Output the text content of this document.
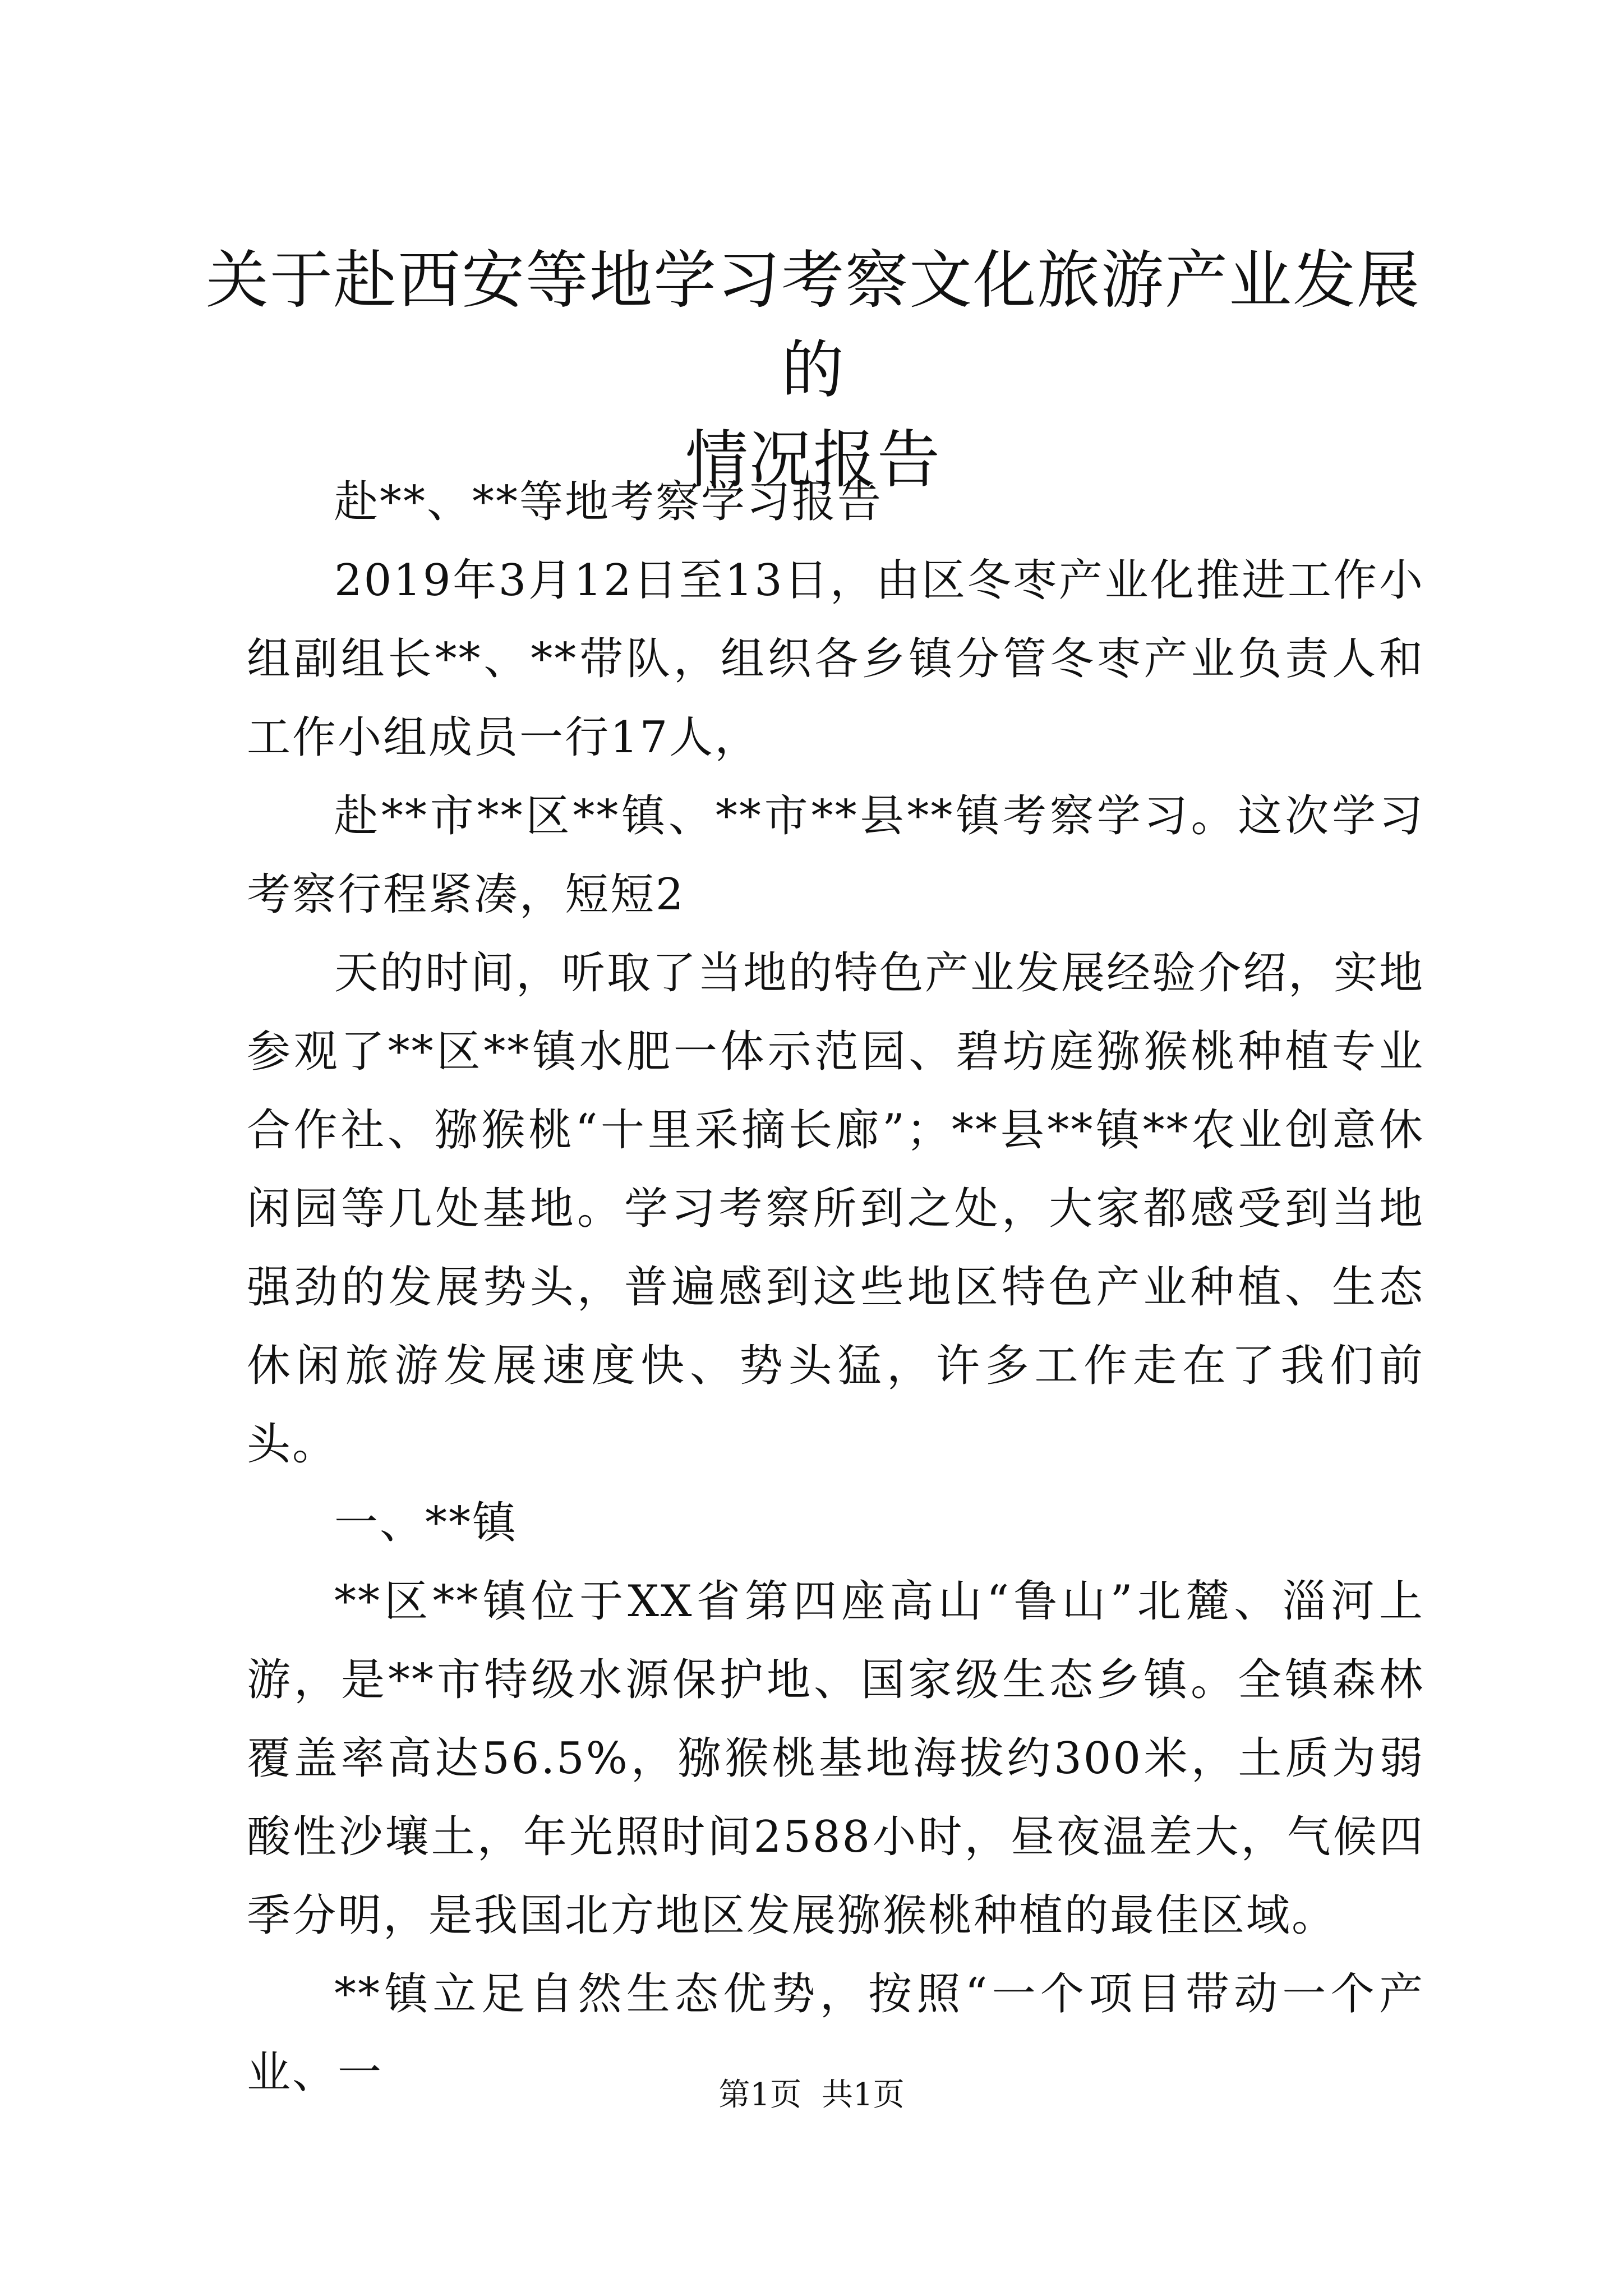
关于赴西安等地学习考察文化旅游产业发展的
情况报告

赴**、**等地考察学习报告

2019年3月12日至13日，由区冬枣产业化推进工作小组副组长**、**带队，组织各乡镇分管冬枣产业负责人和工作小组成员一行17人，

赴**市**区**镇、**市**县**镇考察学习。这次学习考察行程紧凑，短短2

天的时间，听取了当地的特色产业发展经验介绍，实地参观了**区**镇水肥一体示范园、碧坊庭猕猴桃种植专业合作社、猕猴桃“十里采摘长廊”；**县**镇**农业创意休闲园等几处基地。学习考察所到之处，大家都感受到当地强劲的发展势头，普遍感到这些地区特色产业种植、生态休闲旅游发展速度快、势头猛，许多工作走在了我们前头。

一、**镇

**区**镇位于XX省第四座高山“鲁山”北麓、淄河上游，是**市特级水源保护地、国家级生态乡镇。全镇森林覆盖率高达56.5%，猕猴桃基地海拔约300米，土质为弱酸性沙壤土，年光照时间2588小时，昼夜温差大，气候四季分明，是我国北方地区发展猕猴桃种植的最佳区域。

**镇立足自然生态优势，按照“一个项目带动一个产业、一	第1页 共1页
